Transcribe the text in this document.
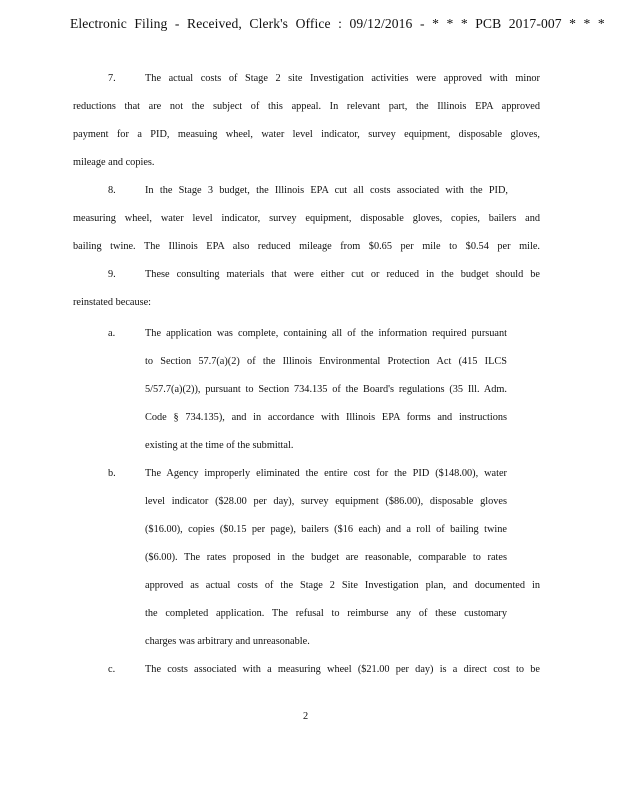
Electronic Filing - Received, Clerk's Office : 09/12/2016 - * * * PCB 2017-007 * * *
7.	The actual costs of Stage 2 site Investigation activities were approved with minor
reductions that are not the subject of this appeal. In relevant part, the Illinois EPA approved
payment for a PID, measuing wheel, water level indicator, survey equipment, disposable gloves,
mileage and copies.
8.	In the Stage 3 budget, the Illinois EPA cut all costs associated with the PID,
measuring wheel, water level indicator, survey equipment, disposable gloves, copies, bailers and
bailing twine. The Illinois EPA also reduced mileage from $0.65 per mile to $0.54 per mile.
9.	These consulting materials that were either cut or reduced in the budget should be
reinstated because:
a.	The application was complete, containing all of the information required pursuant
to Section 57.7(a)(2) of the Illinois Environmental Protection Act (415 ILCS
5/57.7(a)(2)), pursuant to Section 734.135 of the Board's regulations (35 Ill. Adm.
Code § 734.135), and in accordance with Illinois EPA forms and instructions
existing at the time of the submittal.
b.	The Agency improperly eliminated the entire cost for the PID ($148.00), water
level indicator ($28.00 per day), survey equipment ($86.00), disposable gloves
($16.00), copies ($0.15 per page), bailers ($16 each) and a roll of bailing twine
($6.00). The rates proposed in the budget are reasonable, comparable to rates
approved as actual costs of the Stage 2 Site Investigation plan, and documented in
the completed application. The refusal to reimburse any of these customary
charges was arbitrary and unreasonable.
c.	The costs associated with a measuring wheel ($21.00 per day) is a direct cost to be
2
